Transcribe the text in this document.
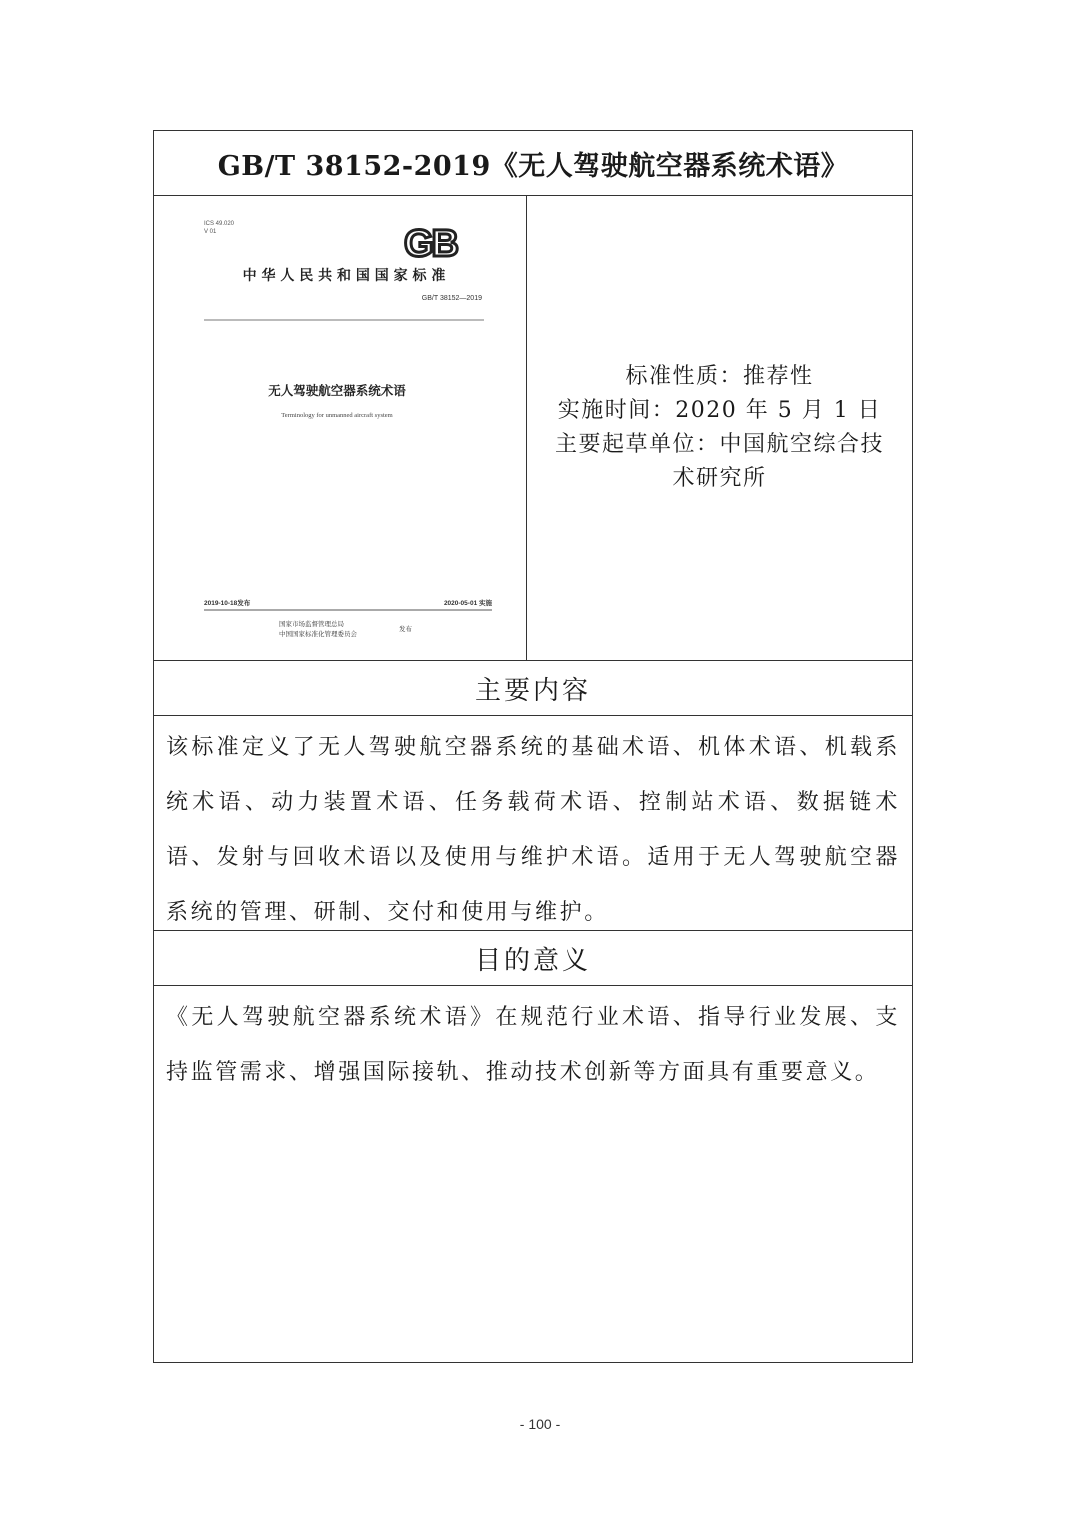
GB/T 38152-2019《无人驾驶航空器系统术语》
ICS 49.020
V 01	GB
中 华 人 民 共 和 国 国 家 标 准
GB/T 38152—2019
无人驾驶航空器系统术语
Terminology for unmanned aircraft system
2019-10-18发布	2020-05-01 实施
国家市场监督管理总局
中国国家标准化管理委员会
发布
标准性质：推荐性
实施时间：2020 年 5 月 1 日
主要起草单位：中国航空综合技
术研究所
主要内容
该标准定义了无人驾驶航空器系统的基础术语、机体术语、机载系统术语、动力装置术语、任务载荷术语、控制站术语、数据链术语、发射与回收术语以及使用与维护术语。适用于无人驾驶航空器系统的管理、研制、交付和使用与维护。
目的意义
《无人驾驶航空器系统术语》在规范行业术语、指导行业发展、支持监管需求、增强国际接轨、推动技术创新等方面具有重要意义。
- 100 -
